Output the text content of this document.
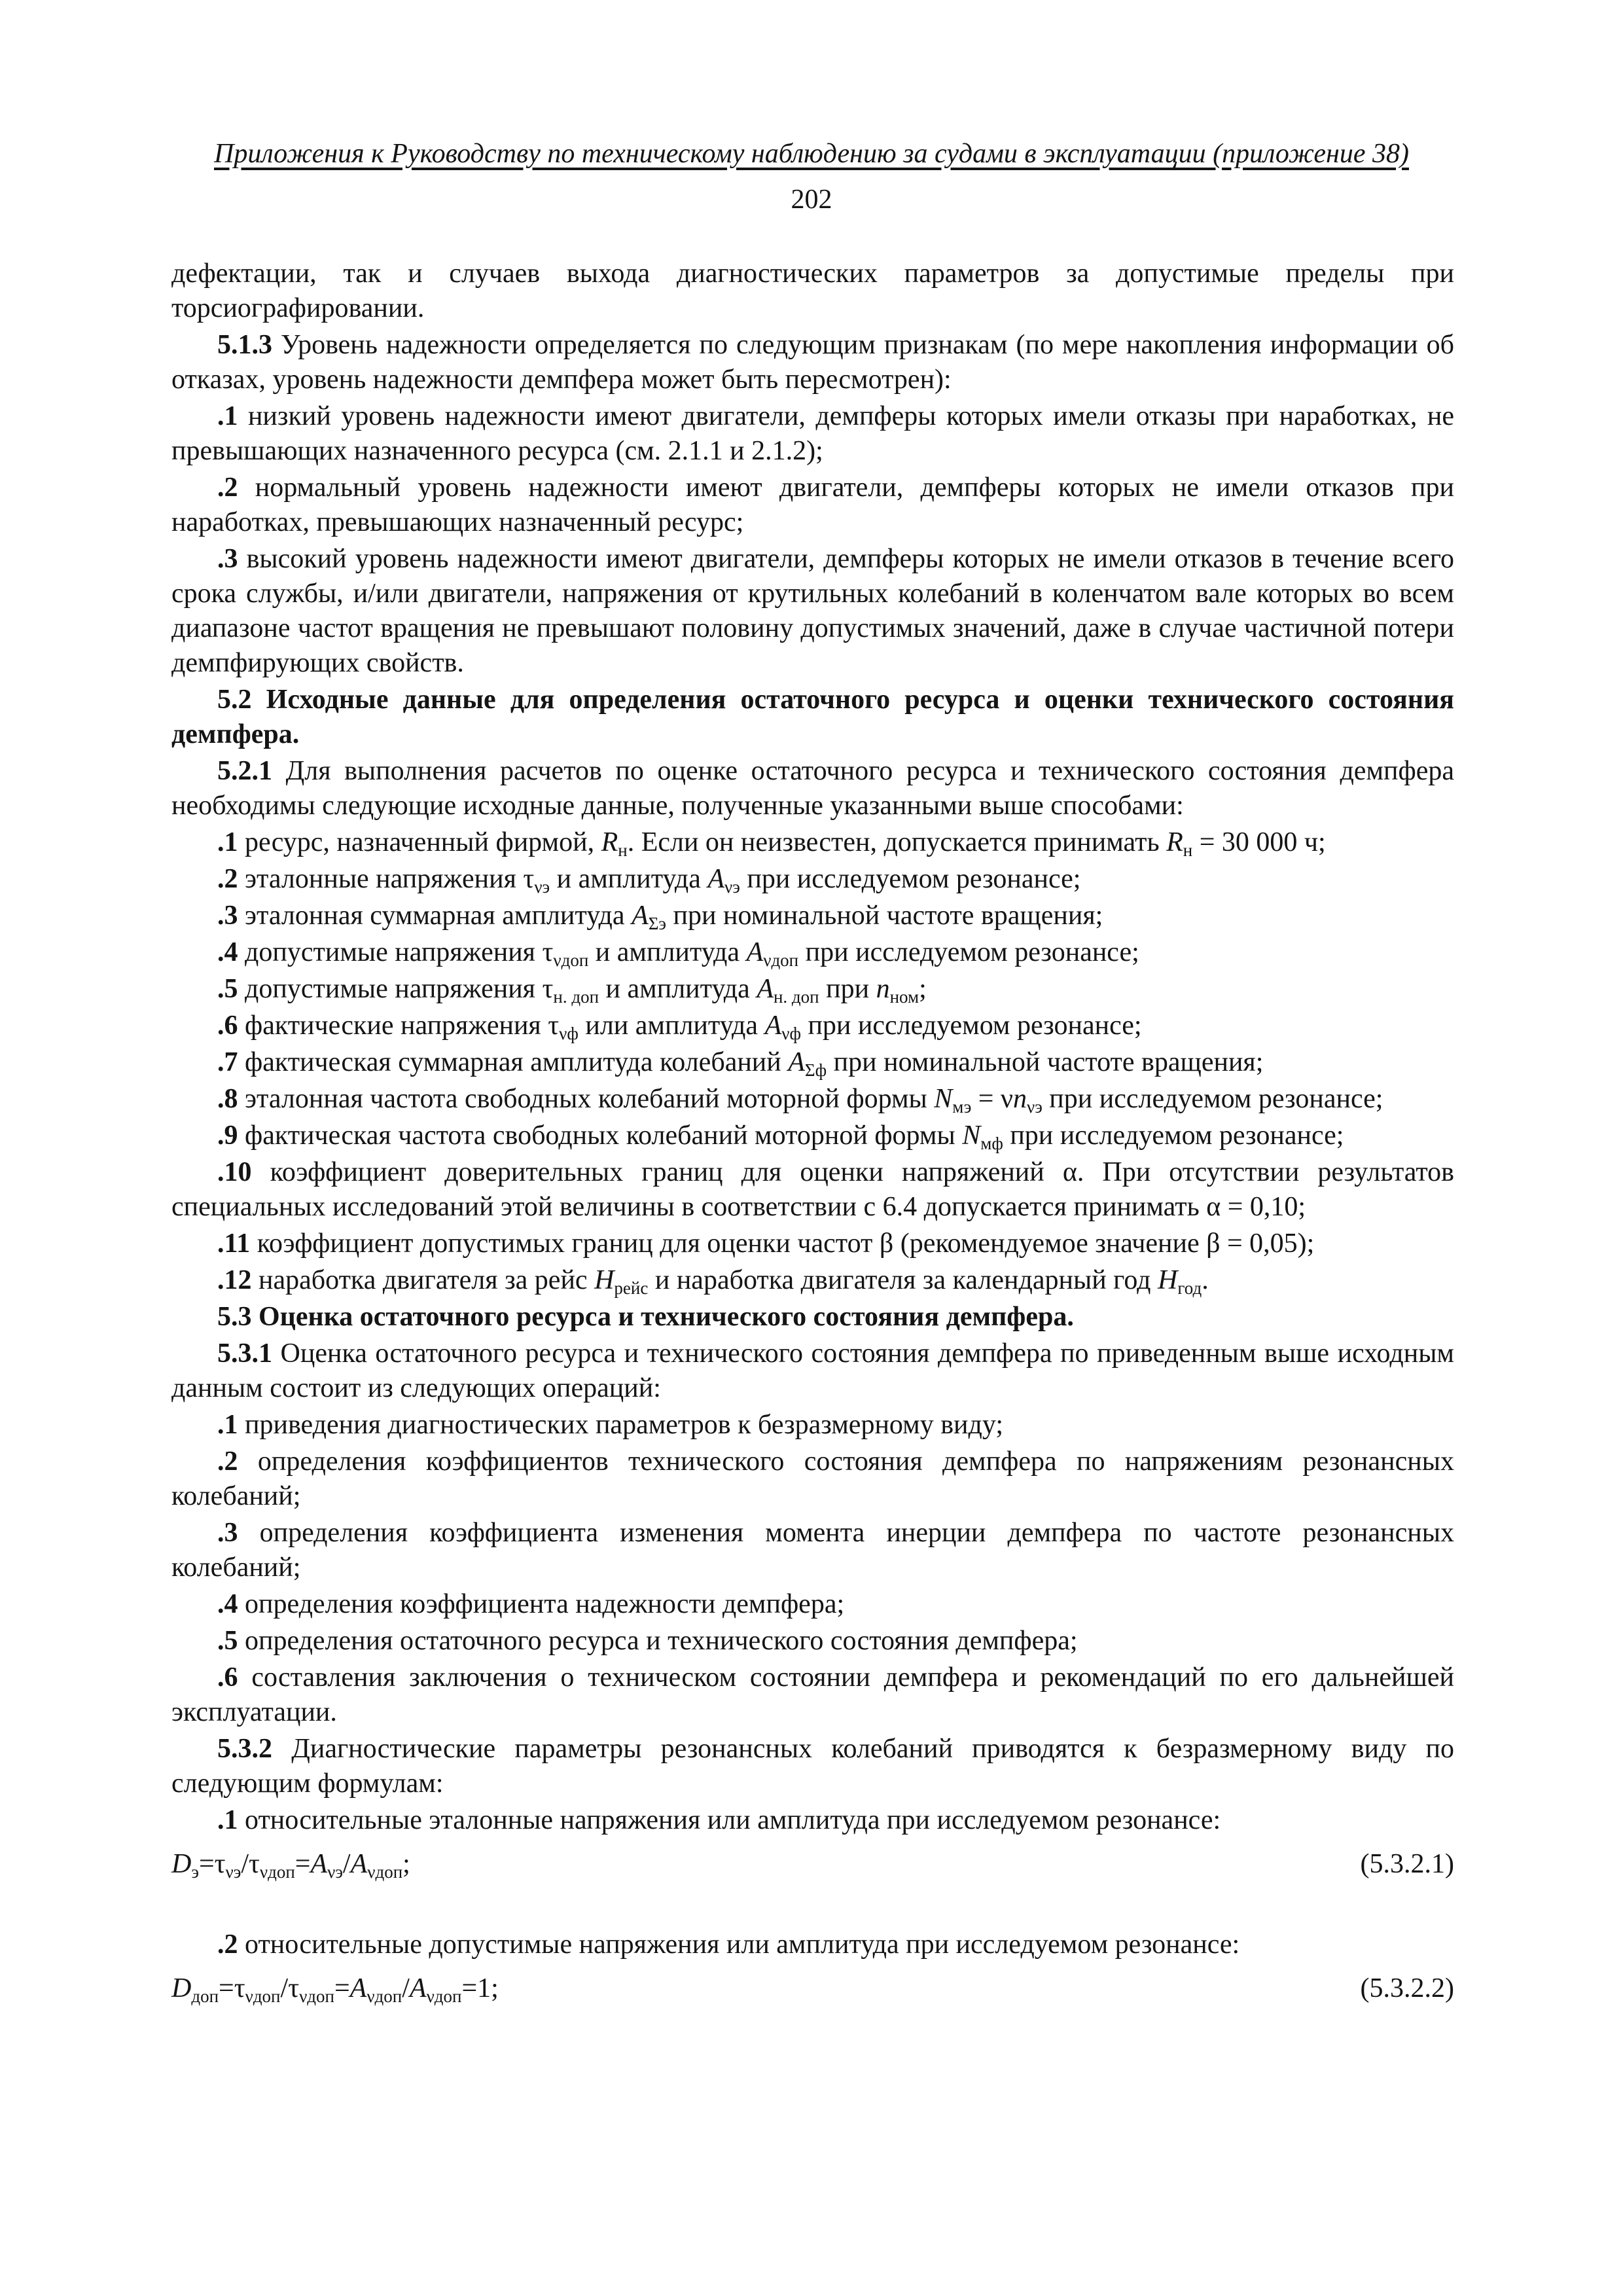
Приложения к Руководству по техническому наблюдению за судами в эксплуатации (приложение 38)
202

дефектации, так и случаев выхода диагностических параметров за допустимые пределы при торсиографировании.

5.1.3 Уровень надежности определяется по следующим признакам (по мере накопления информации об отказах, уровень надежности демпфера может быть пересмотрен):

.1 низкий уровень надежности имеют двигатели, демпферы которых имели отказы при наработках, не превышающих назначенного ресурса (см. 2.1.1 и 2.1.2);

.2 нормальный уровень надежности имеют двигатели, демпферы которых не имели отказов при наработках, превышающих назначенный ресурс;

.3 высокий уровень надежности имеют двигатели, демпферы которых не имели отказов в течение всего срока службы, и/или двигатели, напряжения от крутильных колебаний в коленчатом вале которых во всем диапазоне частот вращения не превышают половину допустимых значений, даже в случае частичной потери демпфирующих свойств.

5.2 Исходные данные для определения остаточного ресурса и оценки технического состояния демпфера.

5.2.1 Для выполнения расчетов по оценке остаточного ресурса и технического состояния демпфера необходимы следующие исходные данные, полученные указанными выше способами:

.1 ресурс, назначенный фирмой, $R_н$. Если он неизвестен, допускается принимать $R_н = 30$ 000 ч;

.2 эталонные напряжения $\tau_{\nu э}$ и амплитуда $A_{\nu э}$ при исследуемом резонансе;

.3 эталонная суммарная амплитуда $A_{\Sigma э}$ при номинальной частоте вращения;

.4 допустимые напряжения $\tau_{\nu доп}$ и амплитуда $A_{\nu доп}$ при исследуемом резонансе;

.5 допустимые напряжения $\tau_{н. доп}$ и амплитуда $A_{н. доп}$ при $n_{ном}$;

.6 фактические напряжения $\tau_{\nu ф}$ или амплитуда $A_{\nu ф}$ при исследуемом резонансе;

.7 фактическая суммарная амплитуда колебаний $A_{\Sigma ф}$ при номинальной частоте вращения;

.8 эталонная частота свободных колебаний моторной формы $N_{мэ} = \nu n_{\nu э}$ при исследуемом резонансе;

.9 фактическая частота свободных колебаний моторной формы $N_{мф}$ при исследуемом резонансе;

.10 коэффициент доверительных границ для оценки напряжений α. При отсутствии результатов специальных исследований этой величины в соответствии с 6.4 допускается принимать α = 0,10;

.11 коэффициент допустимых границ для оценки частот β (рекомендуемое значение β = 0,05);

.12 наработка двигателя за рейс $H_{рейс}$ и наработка двигателя за календарный год $H_{год}$.

5.3 Оценка остаточного ресурса и технического состояния демпфера.

5.3.1 Оценка остаточного ресурса и технического состояния демпфера по приведенным выше исходным данным состоит из следующих операций:

.1 приведения диагностических параметров к безразмерному виду;

.2 определения коэффициентов технического состояния демпфера по напряжениям резонансных колебаний;

.3 определения коэффициента изменения момента инерции демпфера по частоте резонансных колебаний;

.4 определения коэффициента надежности демпфера;

.5 определения остаточного ресурса и технического состояния демпфера;

.6 составления заключения о техническом состоянии демпфера и рекомендаций по его дальнейшей эксплуатации.

5.3.2 Диагностические параметры резонансных колебаний приводятся к безразмерному виду по следующим формулам:

.1 относительные эталонные напряжения или амплитуда при исследуемом резонансе:

$D_э=\tau_{\nu э}/\tau_{\nu доп}=A_{\nu э}/A_{\nu доп}$;	(5.3.2.1)

.2 относительные допустимые напряжения или амплитуда при исследуемом резонансе:

$D_{доп}=\tau_{\nu доп}/\tau_{\nu доп}=A_{\nu доп}/A_{\nu доп}=1$;	(5.3.2.2)
